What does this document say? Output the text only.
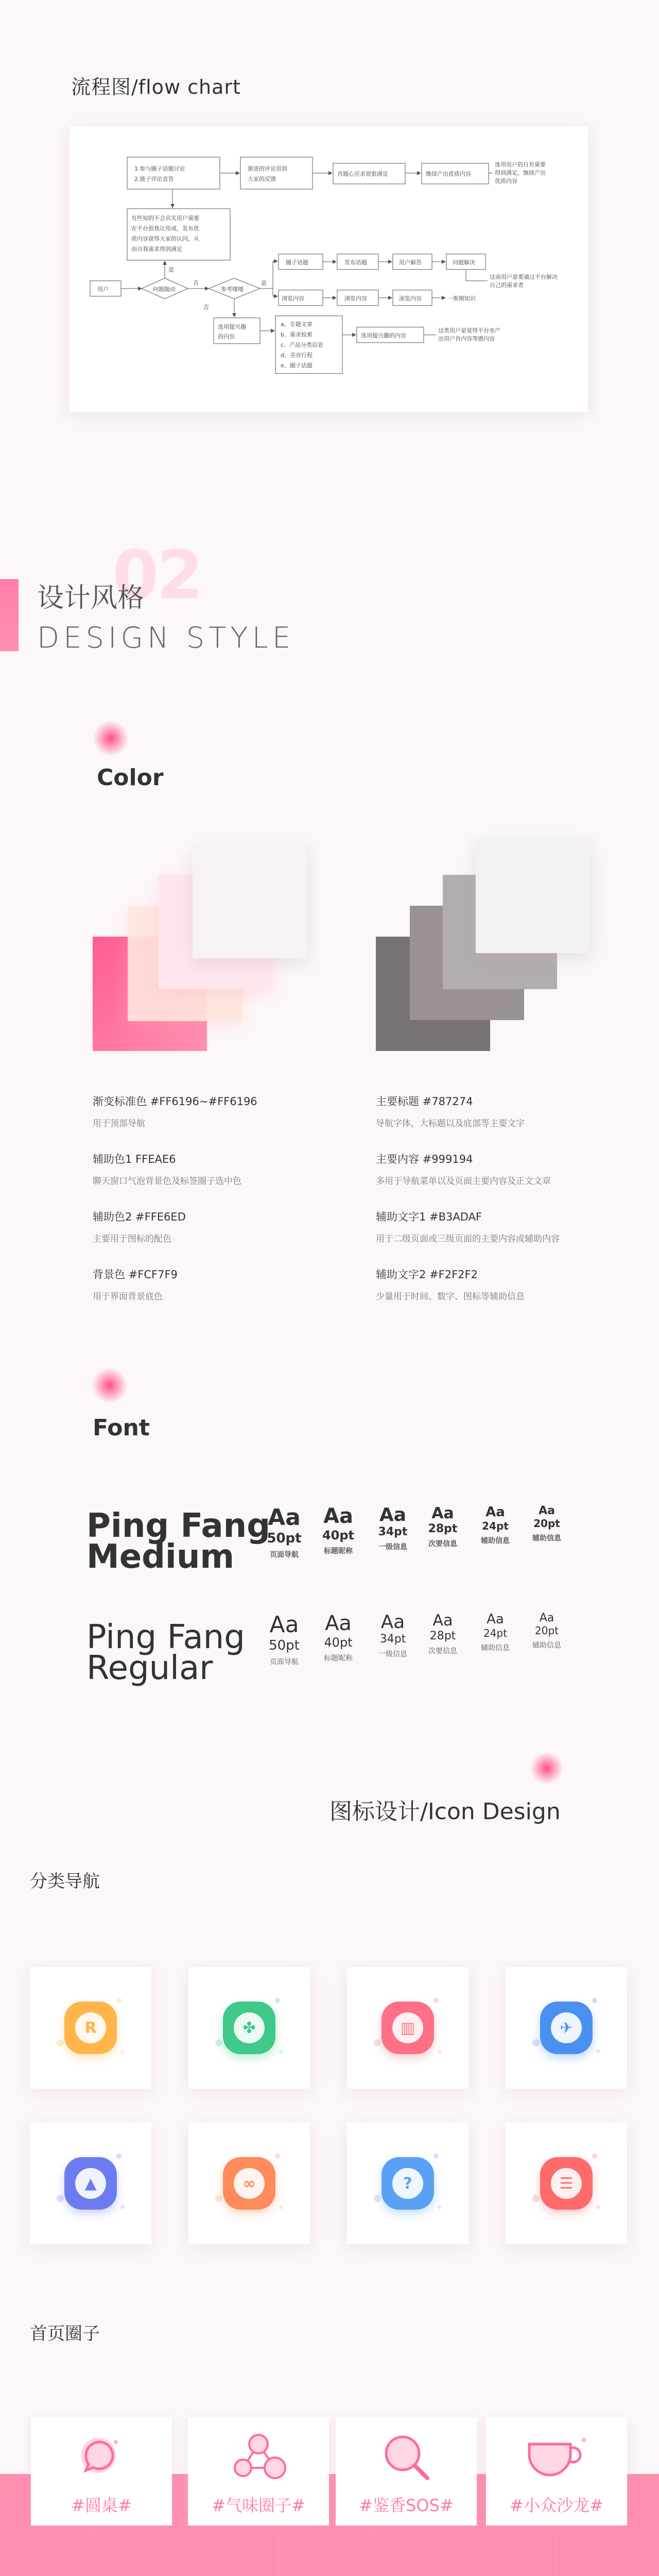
流程图/flow chart
1.参与圈子话题讨论
2.链子评论直答
渐进的评论用到
大家的反馈
首题心应求很狠满足	继续产出优质内容
选项用户的自有需要
得到满足，继续产出
优质内容
有些知的不会具实用户需要
在平台很我让用成，发布优
质内容获得大家的认同，从
而自我需求得到满足
用户	问题随动
是
否
参考喽喽
否
是
圈子话题	发布话题	用户解答	问题解决
这南用户是要通过平台解决
自己的需求者
浏览内容	浏览内容	滚览内容	一斯期知识
选项提兴趣
的内容
a、专题文章
b、需求检索
c、产品分类信息
d、美容行程
e、圈子话题
选项提兴趣的内容
这类用户是觉得平台坐产
出用户肖内容等感内容
02
设计风格
DESIGN STYLE
Color
渐变标准色 #FF6196~#FF6196
用于顶部导航
辅助色1 FFEAE6
聊天窗口气泡背景色及标签圈子选中色
辅助色2 #FFE6ED
主要用于图标的配色
背景色 #FCF7F9
用于界面背景底色
主要标题 #787274
导航字体，大标题以及底部等主要文字
主要内容 #999194
多用于导航菜单以及页面主要内容及正文文章
辅助文字1 #B3ADAF
用于二级页面或三级页面的主要内容或辅助内容
辅助文字2 #F2F2F2
少量用于时间、数字、图标等辅助信息
Font
Ping Fang
Medium
Ping Fang
Regular
Aa
50pt
页面导航
Aa
40pt
标题昵称
Aa
34pt
一级信息
Aa
28pt
次要信息
Aa
24pt
辅助信息
Aa
20pt
辅助信息
Aa
50pt
页面导航
Aa
40pt
标题昵称
Aa
34pt
一级信息
Aa
28pt
次要信息
Aa
24pt
辅助信息
Aa
20pt
辅助信息
图标设计/Icon Design
分类导航
R	✤	▥	✈
▲	∞	?	☰
首页圈子
#圆桌#	#气味圈子#	#鉴香SOS#	#小众沙龙#
